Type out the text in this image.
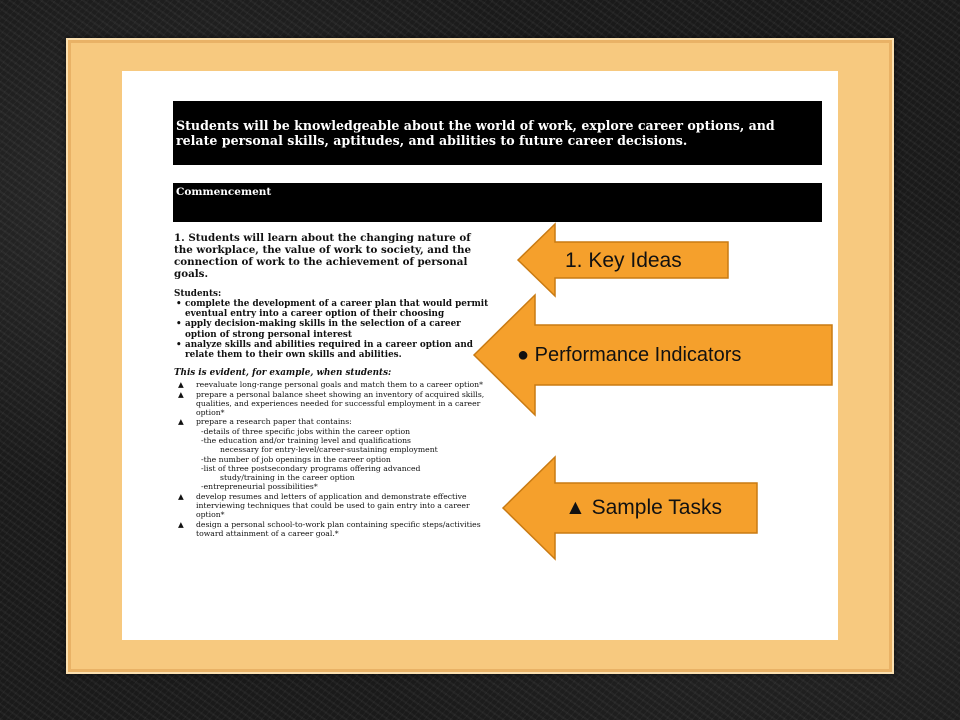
Students will be knowledgeable about the world of work, explore career options, and relate personal skills, aptitudes, and abilities to future career decisions.
Commencement

1. Students will learn about the changing nature of the workplace, the value of work to society, and the connection of work to the achievement of personal goals.

Students:

• complete the development of a career plan that would permit eventual entry into a career option of their choosing
• apply decision-making skills in the selection of a career option of strong personal interest
• analyze skills and abilities required in a career option and relate them to their own skills and abilities.

This is evident, for example, when students:

▲ reevaluate long-range personal goals and match them to a career option*
▲ prepare a personal balance sheet showing an inventory of acquired skills, qualities, and experiences needed for successful employment in a career option*
▲ prepare a research paper that contains:
-details of three specific jobs within the career option
-the education and/or training level and qualifications
necessary for entry-level/career-sustaining employment
-the number of job openings in the career option
-list of three postsecondary programs offering advanced
study/training in the career option
-entrepreneurial possibilities*
▲ develop resumes and letters of application and demonstrate effective interviewing techniques that could be used to gain entry into a career option*
▲ design a personal school-to-work plan containing specific steps/activities toward attainment of a career goal.*
1. Key Ideas
● Performance Indicators
▲ Sample Tasks
